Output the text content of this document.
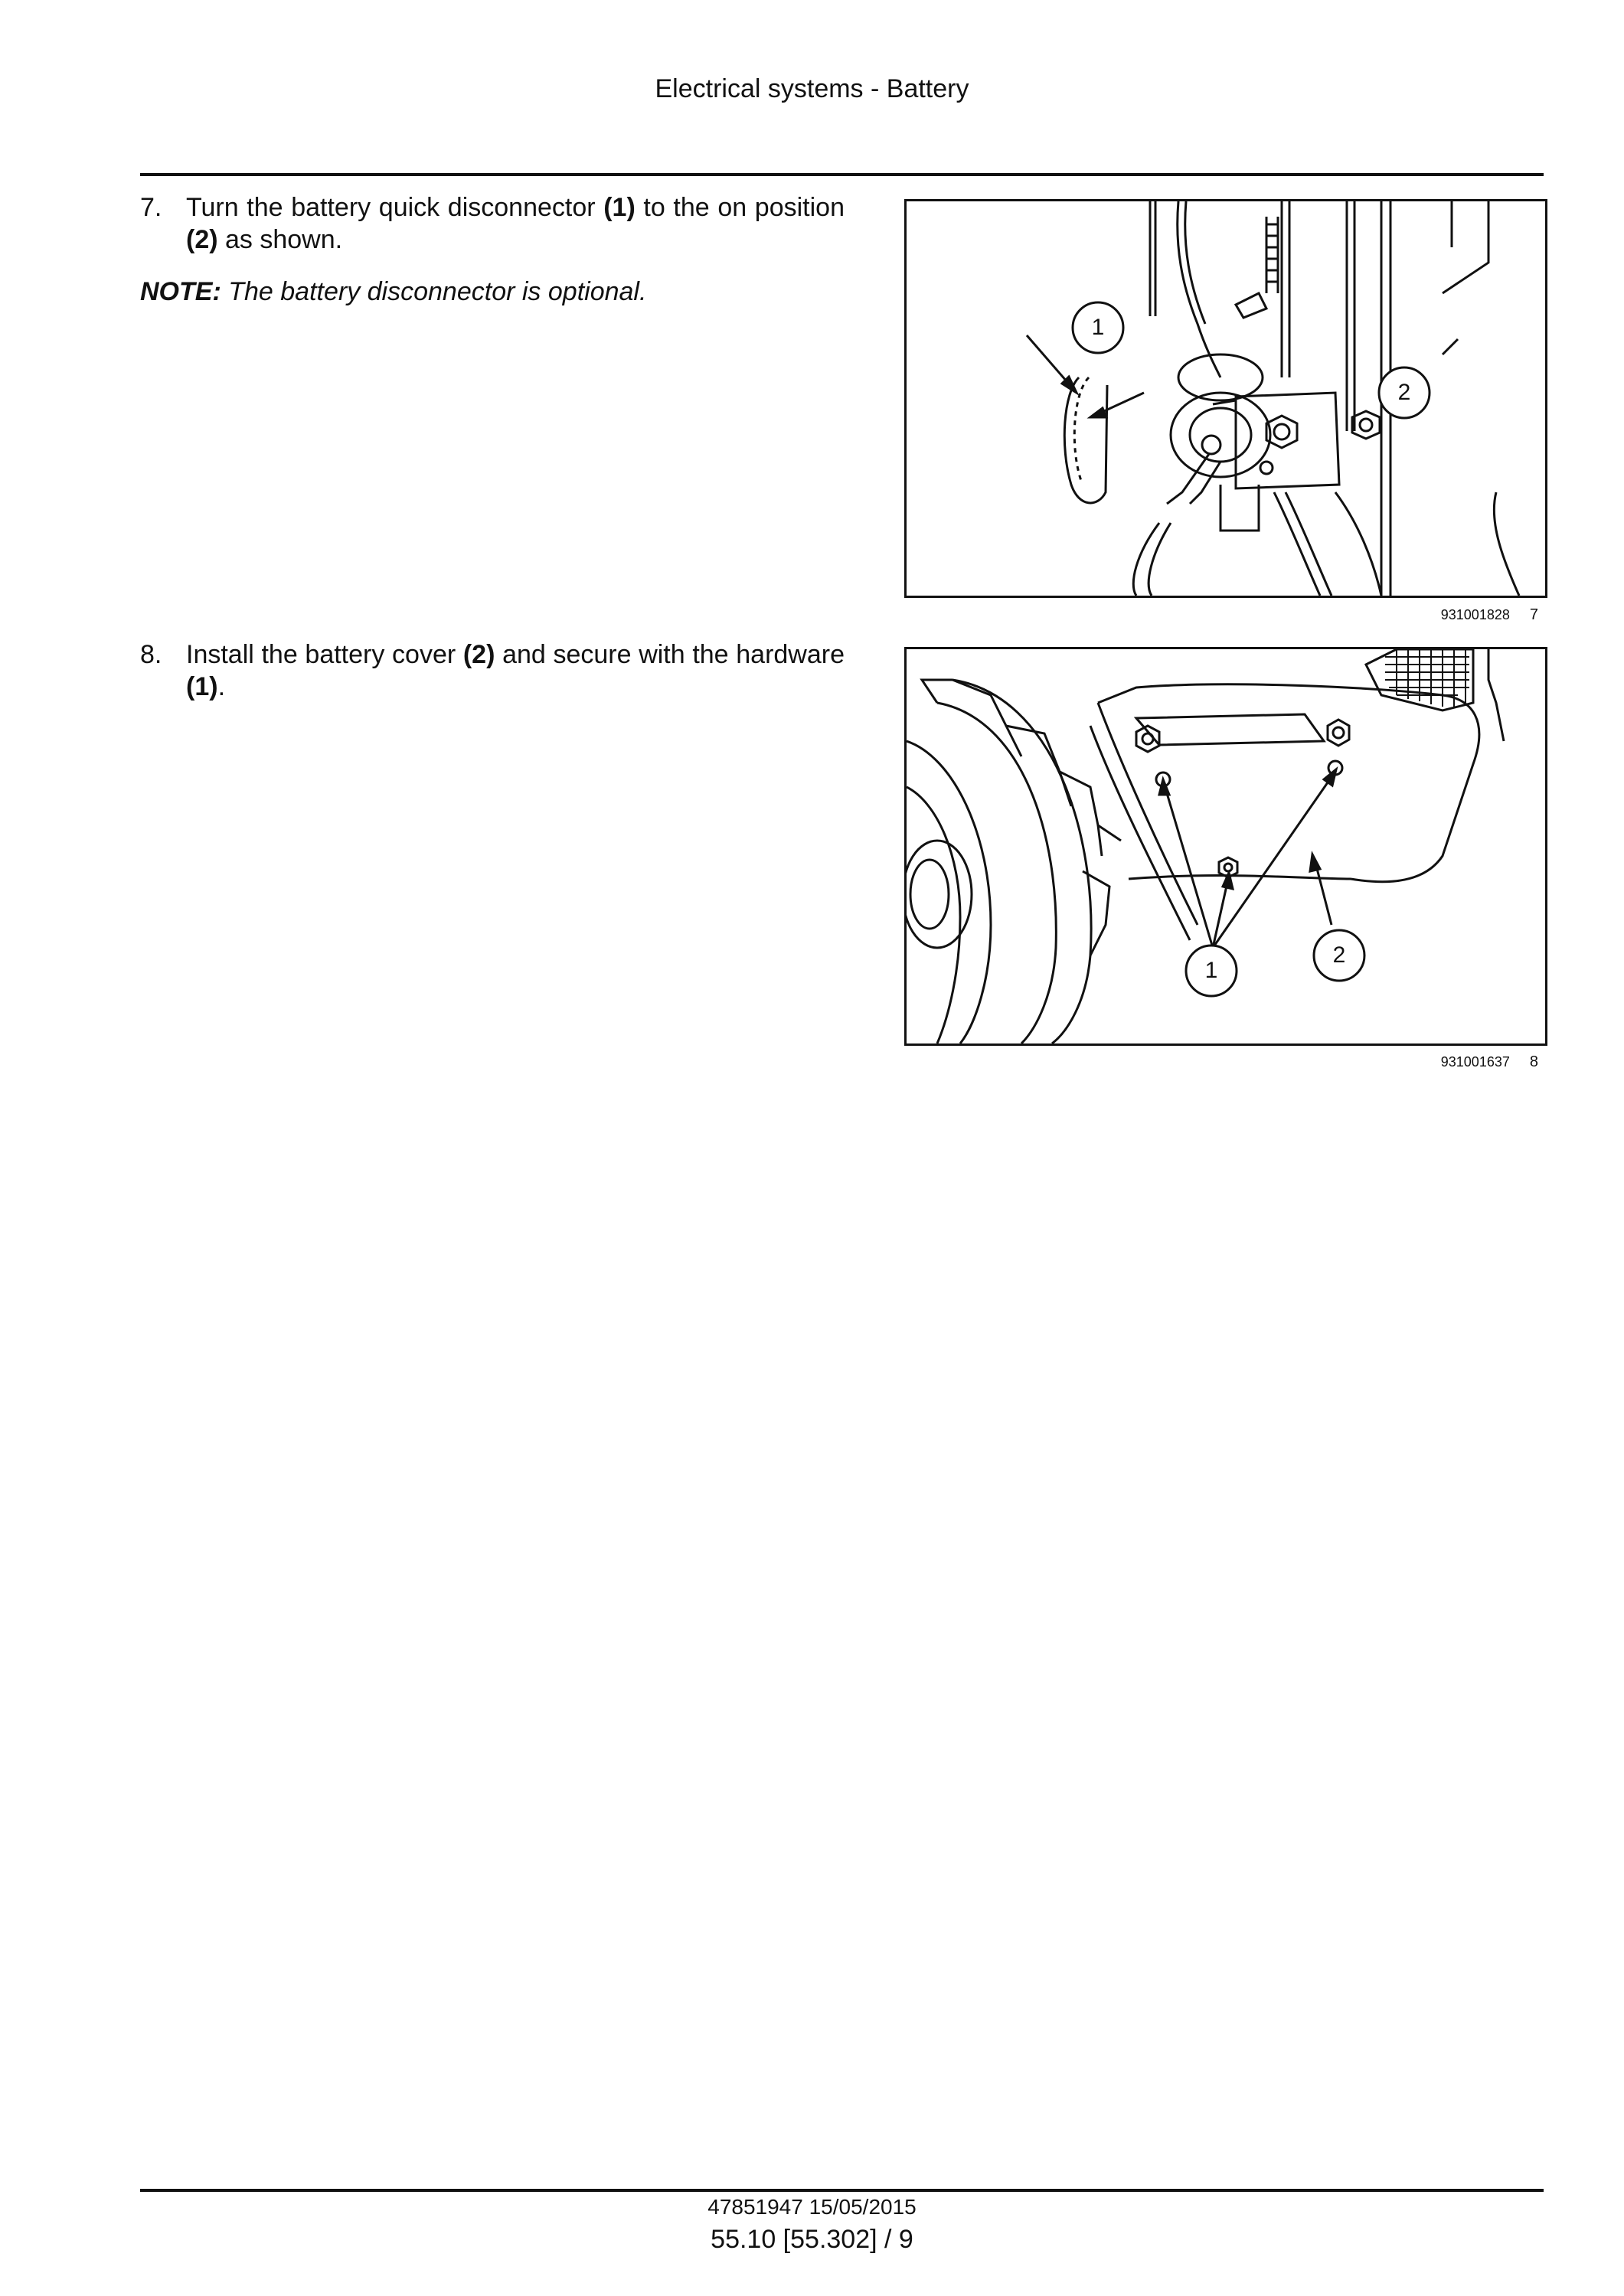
Electrical systems - Battery
7. Turn the battery quick disconnector (1) to the on position (2) as shown.
NOTE: The battery disconnector is optional.
1
2
931001828 7
8. Install the battery cover (2) and secure with the hardware (1).
1
2
931001637 8
47851947 15/05/2015
55.10 [55.302] / 9
